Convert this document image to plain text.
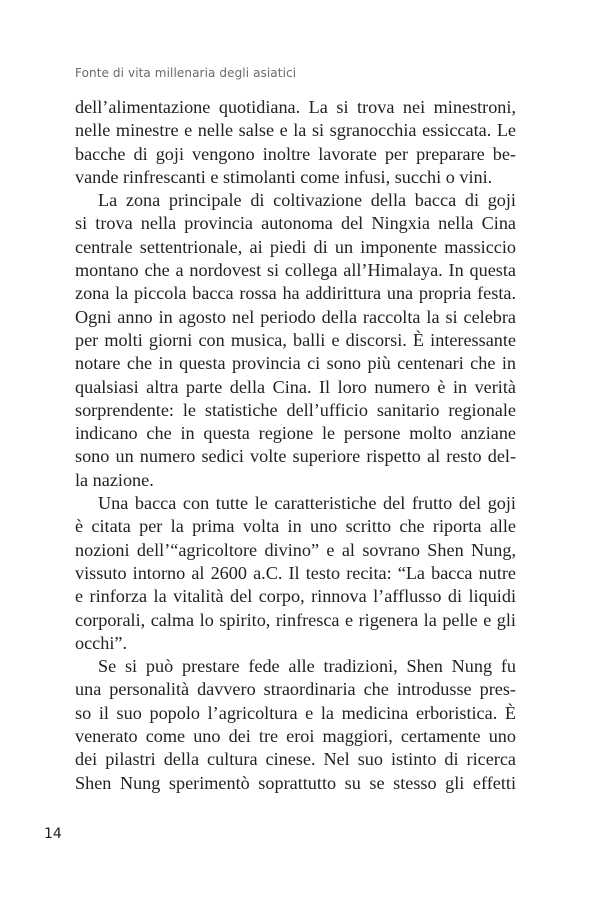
Fonte di vita millenaria degli asiatici
dell’alimentazione quotidiana. La si trova nei minestroni,
nelle minestre e nelle salse e la si sgranocchia essiccata. Le
bacche di goji vengono inoltre lavorate per preparare be-
vande rinfrescanti e stimolanti come infusi, succhi o vini.
La zona principale di coltivazione della bacca di goji
si trova nella provincia autonoma del Ningxia nella Cina
centrale settentrionale, ai piedi di un imponente massiccio
montano che a nordovest si collega all’Himalaya. In questa
zona la piccola bacca rossa ha addirittura una propria festa.
Ogni anno in agosto nel periodo della raccolta la si celebra
per molti giorni con musica, balli e discorsi. È interessante
notare che in questa provincia ci sono più centenari che in
qualsiasi altra parte della Cina. Il loro numero è in verità
sorprendente: le statistiche dell’ufficio sanitario regionale
indicano che in questa regione le persone molto anziane
sono un numero sedici volte superiore rispetto al resto del-
la nazione.
Una bacca con tutte le caratteristiche del frutto del goji
è citata per la prima volta in uno scritto che riporta alle
nozioni dell’“agricoltore divino” e al sovrano Shen Nung,
vissuto intorno al 2600 a.C. Il testo recita: “La bacca nutre
e rinforza la vitalità del corpo, rinnova l’afflusso di liquidi
corporali, calma lo spirito, rinfresca e rigenera la pelle e gli
occhi”.
Se si può prestare fede alle tradizioni, Shen Nung fu
una personalità davvero straordinaria che introdusse pres-
so il suo popolo l’agricoltura e la medicina erboristica. È
venerato come uno dei tre eroi maggiori, certamente uno
dei pilastri della cultura cinese. Nel suo istinto di ricerca
Shen Nung sperimentò soprattutto su se stesso gli effetti
14
